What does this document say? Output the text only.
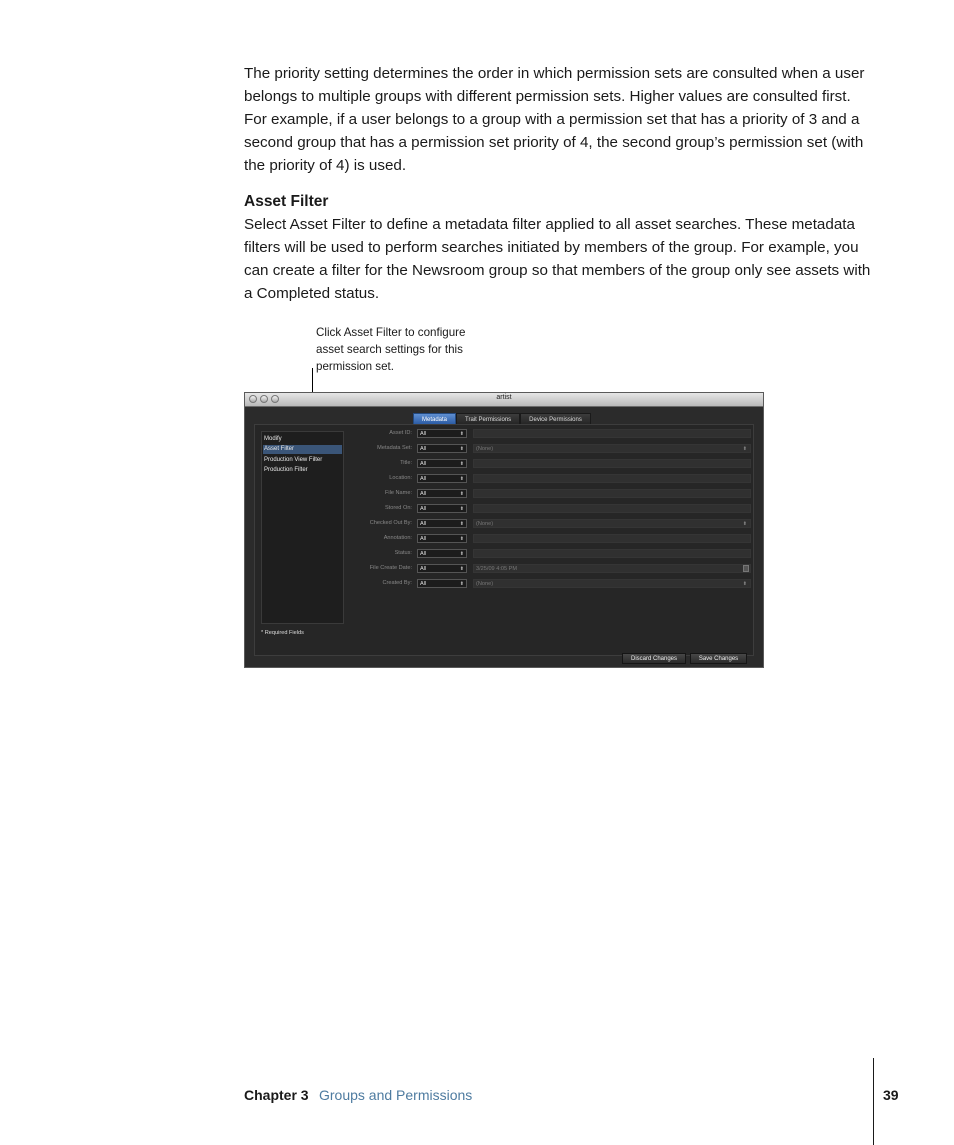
The priority setting determines the order in which permission sets are consulted when a user belongs to multiple groups with different permission sets. Higher values are consulted first. For example, if a user belongs to a group with a permission set that has a priority of 3 and a second group that has a permission set priority of 4, the second group’s permission set (with the priority of 4) is used.

Asset Filter

Select Asset Filter to define a metadata filter applied to all asset searches. These metadata filters will be used to perform searches initiated by members of the group. For example, you can create a filter for the Newsroom group so that members of the group only see assets with a Completed status.

Click Asset Filter to configure
asset search settings for this
permission set.
artist
Metadata	Trait Permissions	Device Permissions
Modify
Asset Filter
Production View Filter
Production Filter
Asset ID:	All	⬍
Metadata Set:	All	⬍	(None)	⬍
Title:	All	⬍
Location:	All	⬍
File Name:	All	⬍
Stored On:	All	⬍
Checked Out By:	All	⬍	(None)	⬍
Annotation:	All	⬍
Status:	All	⬍
File Create Date:	All	⬍	3/25/09 4:05 PM
Created By:	All	⬍	(None)	⬍
* Required Fields
Discard Changes	Save Changes
Chapter 3 Groups and Permissions	39
